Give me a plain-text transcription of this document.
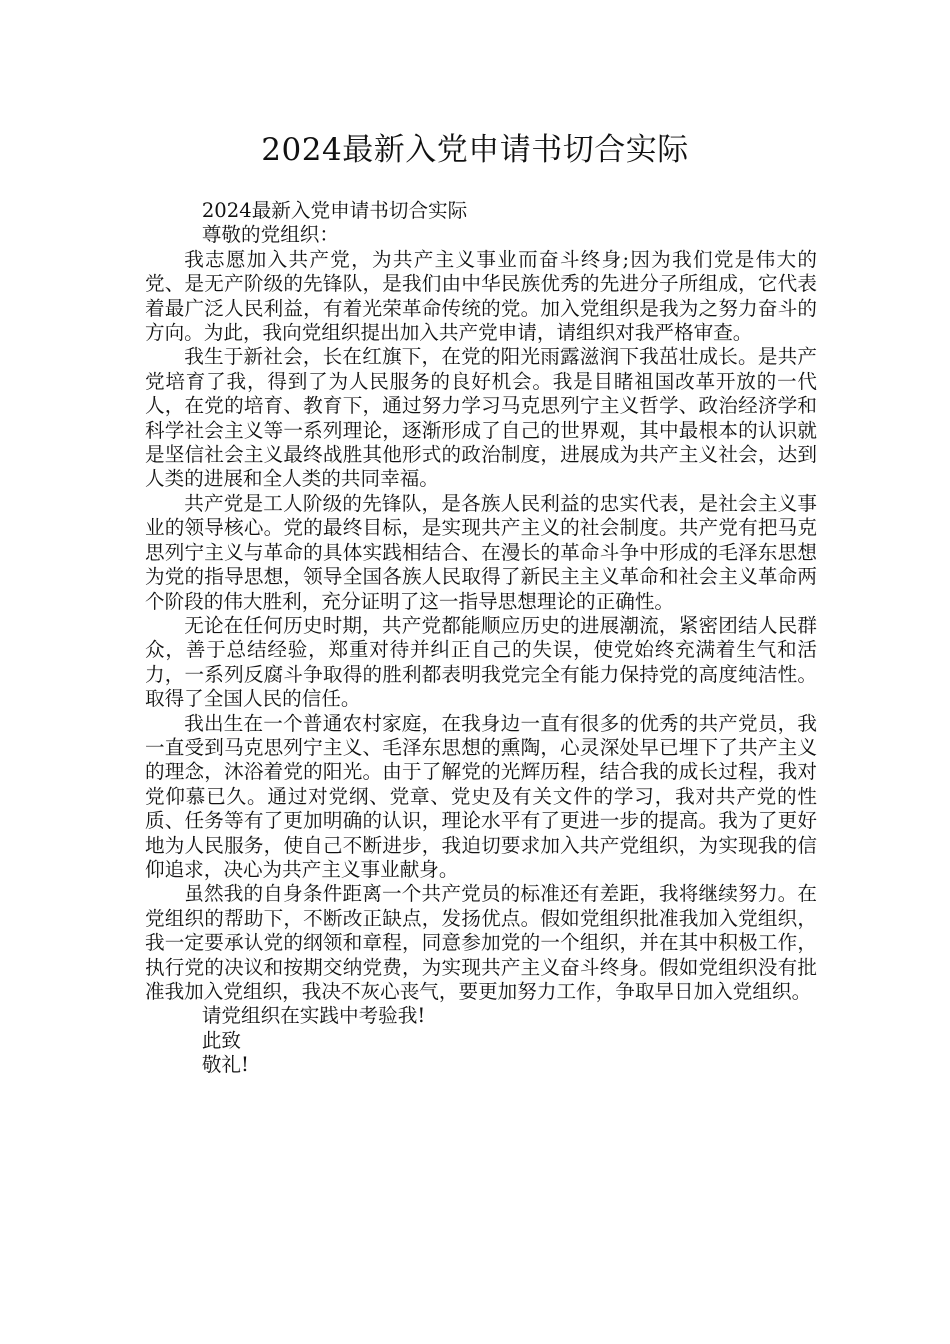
2024最新入党申请书切合实际

2024最新入党申请书切合实际

尊敬的党组织：

我志愿加入共产党，为共产主义事业而奋斗终身;因为我们党是伟大的党、是无产阶级的先锋队，是我们由中华民族优秀的先进分子所组成，它代表着最广泛人民利益，有着光荣革命传统的党。加入党组织是我为之努力奋斗的方向。为此，我向党组织提出加入共产党申请，请组织对我严格审查。

我生于新社会，长在红旗下，在党的阳光雨露滋润下我茁壮成长。是共产党培育了我，得到了为人民服务的良好机会。我是目睹祖国改革开放的一代人，在党的培育、教育下，通过努力学习马克思列宁主义哲学、政治经济学和科学社会主义等一系列理论，逐渐形成了自己的世界观，其中最根本的认识就是坚信社会主义最终战胜其他形式的政治制度，进展成为共产主义社会，达到人类的进展和全人类的共同幸福。

共产党是工人阶级的先锋队，是各族人民利益的忠实代表，是社会主义事业的领导核心。党的最终目标，是实现共产主义的社会制度。共产党有把马克思列宁主义与革命的具体实践相结合、在漫长的革命斗争中形成的毛泽东思想为党的指导思想，领导全国各族人民取得了新民主主义革命和社会主义革命两个阶段的伟大胜利，充分证明了这一指导思想理论的正确性。

无论在任何历史时期，共产党都能顺应历史的进展潮流，紧密团结人民群众，善于总结经验，郑重对待并纠正自己的失误，使党始终充满着生气和活力，一系列反腐斗争取得的胜利都表明我党完全有能力保持党的高度纯洁性。取得了全国人民的信任。

我出生在一个普通农村家庭，在我身边一直有很多的优秀的共产党员，我一直受到马克思列宁主义、毛泽东思想的熏陶，心灵深处早已埋下了共产主义的理念，沐浴着党的阳光。由于了解党的光辉历程，结合我的成长过程，我对党仰慕已久。通过对党纲、党章、党史及有关文件的学习，我对共产党的性质、任务等有了更加明确的认识，理论水平有了更进一步的提高。我为了更好地为人民服务，使自己不断进步，我迫切要求加入共产党组织，为实现我的信仰追求，决心为共产主义事业献身。

虽然我的自身条件距离一个共产党员的标准还有差距，我将继续努力。在党组织的帮助下，不断改正缺点，发扬优点。假如党组织批准我加入党组织，我一定要承认党的纲领和章程，同意参加党的一个组织，并在其中积极工作，执行党的决议和按期交纳党费，为实现共产主义奋斗终身。假如党组织没有批准我加入党组织，我决不灰心丧气，要更加努力工作，争取早日加入党组织。

请党组织在实践中考验我!

此致

敬礼!
